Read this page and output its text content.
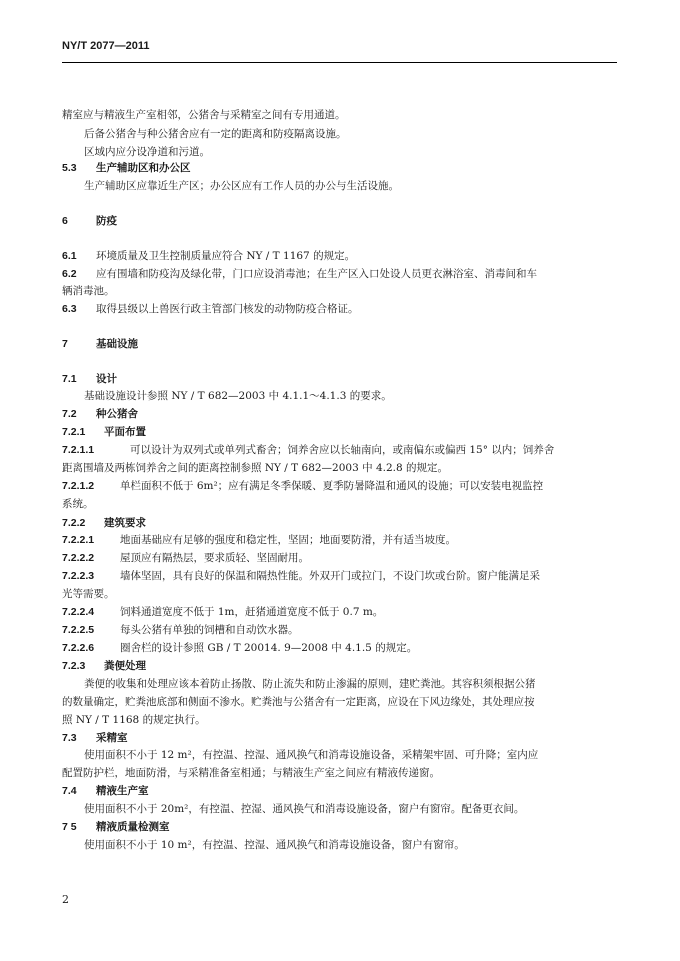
NY/T 2077—2011
精室应与精液生产室相邻，公猪舍与采精室之间有专用通道。
后备公猪舍与种公猪舍应有一定的距离和防疫隔离设施。
区域内应分设净道和污道。
5.3 生产辅助区和办公区
生产辅助区应靠近生产区；办公区应有工作人员的办公与生活设施。
6	防疫
6.1 环境质量及卫生控制质量应符合 NY / T 1167 的规定。
6.2 应有围墙和防疫沟及绿化带，门口应设消毒池；在生产区入口处设人员更衣淋浴室、消毒间和车
辆消毒池。
6.3 取得县级以上兽医行政主管部门核发的动物防疫合格证。
7	基础设施
7.1 设计
基础设施设计参照 NY / T 682—2003 中 4.1.1～4.1.3 的要求。
7.2 种公猪舍
7.2.1 平面布置
7.2.1.1	可以设计为双列式或单列式畜舍；饲养舍应以长轴南向，或南偏东或偏西 15° 以内；饲养舍
距离围墙及两栋饲养舍之间的距离控制参照 NY / T 682—2003 中 4.2.8 的规定。
7.2.1.2 单栏面积不低于 6m²；应有满足冬季保暖、夏季防暑降温和通风的设施；可以安装电视监控
系统。
7.2.2 建筑要求
7.2.2.1 地面基础应有足够的强度和稳定性，坚固；地面要防滑，并有适当坡度。
7.2.2.2 屋顶应有隔热层，要求质轻、坚固耐用。
7.2.2.3 墙体坚固，具有良好的保温和隔热性能。外双开门或拉门，不设门坎或台阶。窗户能满足采
光等需要。
7.2.2.4 饲料通道宽度不低于 1m，赶猪通道宽度不低于 0.7 m。
7.2.2.5 每头公猪有单独的饲槽和自动饮水器。
7.2.2.6 圈舍栏的设计参照 GB / T 20014. 9—2008 中 4.1.5 的规定。
7.2.3 粪便处理
粪便的收集和处理应该本着防止扬散、防止流失和防止渗漏的原则，建贮粪池。其容积须根据公猪
的数量确定，贮粪池底部和侧面不渗水。贮粪池与公猪舍有一定距离，应设在下风边缘处，其处理应按
照 NY / T 1168 的规定执行。
7.3 采精室
使用面积不小于 12 m²，有控温、控湿、通风换气和消毒设施设备，采精架牢固、可升降；室内应
配置防护栏，地面防滑，与采精准备室相通；与精液生产室之间应有精液传递窗。
7.4 精液生产室
使用面积不小于 20m²，有控温、控湿、通风换气和消毒设施设备，窗户有窗帘。配备更衣间。
7 5 精液质量检测室
使用面积不小于 10 m²，有控温、控湿、通风换气和消毒设施设备，窗户有窗帘。
2
